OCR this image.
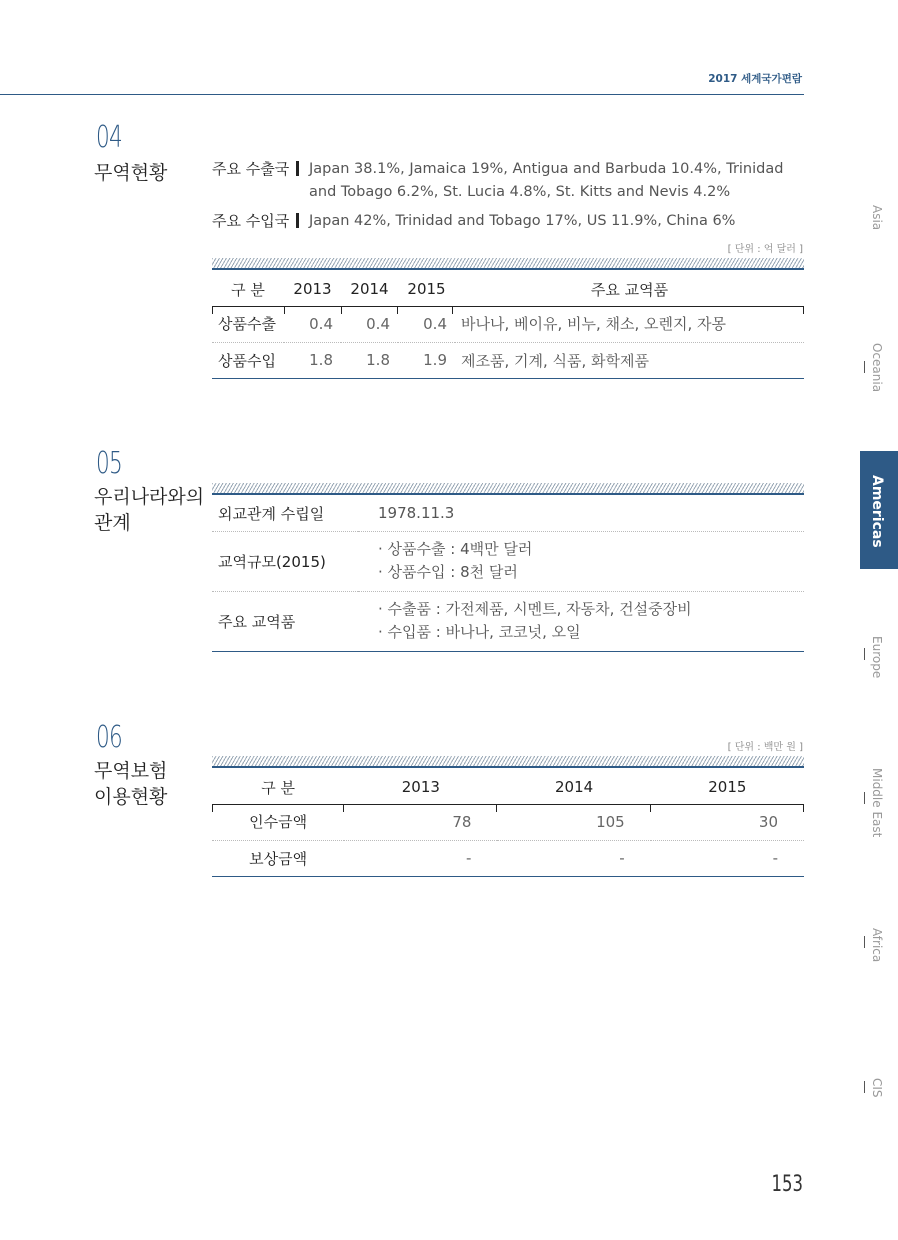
2017 세계국가편람
04
무역현황	주요 수출국 Japan 38.1%, Jamaica 19%, Antigua and Barbuda 10.4%, Trinidad
and Tobago 6.2%, St. Lucia 4.8%, St. Kitts and Nevis 4.2%
주요 수입국 Japan 42%, Trinidad and Tobago 17%, US 11.9%, China 6%
[ 단위 : 억 달러 ]
구 분	2013	2014	2015	주요 교역품
상품수출	0.4	0.4	0.4	바나나, 베이유, 비누, 채소, 오렌지, 자몽
상품수입	1.8	1.8	1.9	제조품, 기계, 식품, 화학제품
05
우리나라와의
관계	외교관계 수립일	1978.11.3

교역규모(2015)	· 상품수출 : 4백만 달러
· 상품수입 : 8천 달러

주요 교역품	· 수출품 : 가전제품, 시멘트, 자동차, 건설중장비
· 수입품 : 바나나, 코코넛, 오일
06
무역보험
이용현황
[ 단위 : 백만 원 ]
구 분	2013	2014	2015
인수금액	78	105	30
보상금액	-	-	-
Asia
Oceania
Americas
Europe
Middle East
Africa
CIS
153
